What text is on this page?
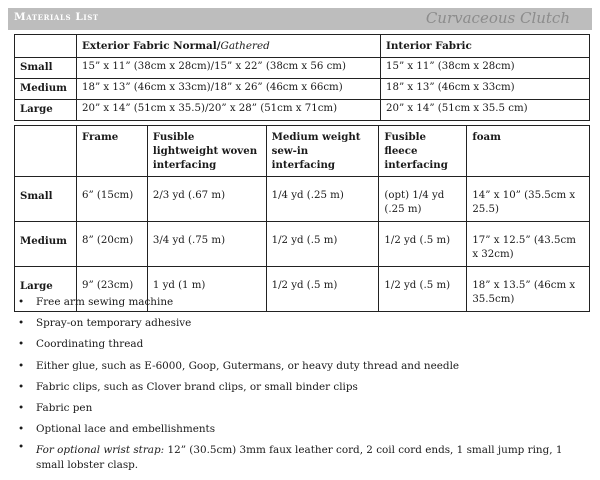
Materials List	Curvaceous Clutch
	Exterior Fabric Normal/Gathered	Interior Fabric
Small	15” x 11” (38cm x 28cm)/15” x 22” (38cm x 56 cm)	15” x 11” (38cm x 28cm)
Medium	18” x 13” (46cm x 33cm)/18” x 26” (46cm x 66cm)	18” x 13” (46cm x 33cm)
Large	20” x 14” (51cm x 35.5)/20” x 28” (51cm x 71cm)	20” x 14” (51cm x 35.5 cm)
	Frame	Fusible lightweight woven interfacing	Medium weight sew-in interfacing	Fusible fleece interfacing	foam
Small	6” (15cm)	2/3 yd (.67 m)	1/4 yd (.25 m)	(opt) 1/4 yd (.25 m)	14” x 10” (35.5cm x 25.5)
Medium	8” (20cm)	3/4 yd (.75 m)	1/2 yd (.5 m)	1/2 yd (.5 m)	17” x 12.5” (43.5cm x 32cm)
Large	9” (23cm)	1 yd (1 m)	1/2 yd (.5 m)	1/2 yd (.5 m)	18” x 13.5” (46cm x 35.5cm)
• Free arm sewing machine
• Spray-on temporary adhesive
• Coordinating thread
• Either glue, such as E-6000, Goop, Gutermans, or heavy duty thread and needle
• Fabric clips, such as Clover brand clips, or small binder clips
• Fabric pen
• Optional lace and embellishments
• For optional wrist strap: 12” (30.5cm) 3mm faux leather cord, 2 coil cord ends, 1 small jump ring, 1 small lobster clasp.
